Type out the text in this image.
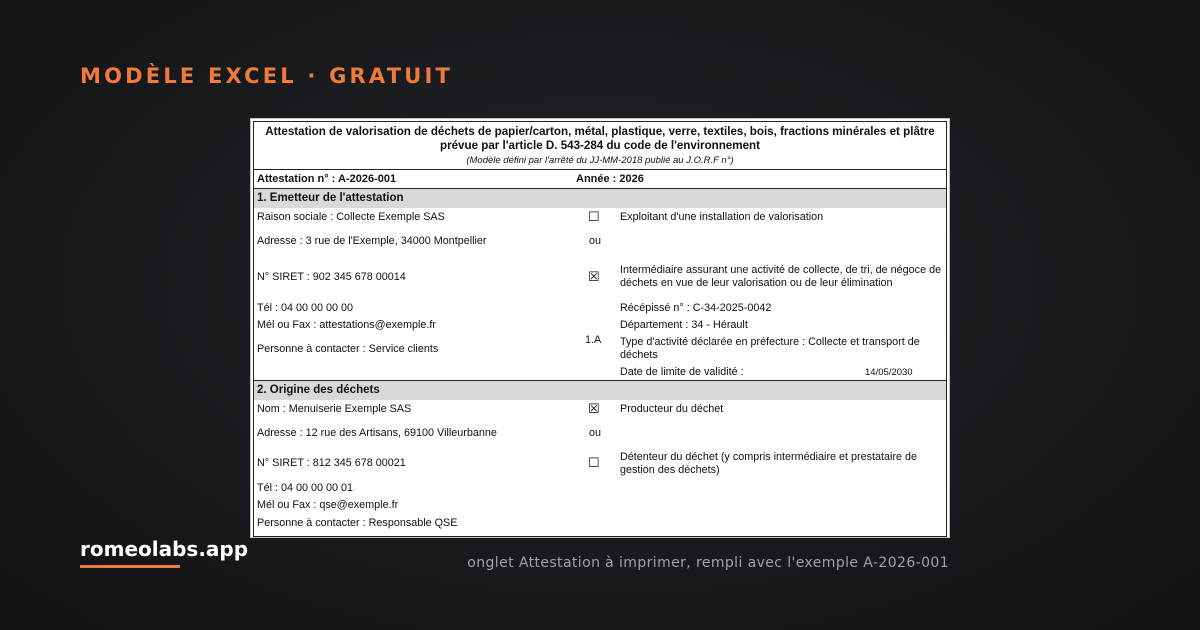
MODÈLE EXCEL · GRATUIT
Attestation de valorisation de déchets de papier/carton, métal, plastique, verre, textiles, bois, fractions minérales et plâtre prévue par l'article D. 543-284 du code de l'environnement
(Modèle défini par l'arrêté du JJ-MM-2018 publié au J.O.R.F n°)
Attestation n° : A-2026-001	Année : 2026
1. Emetteur de l'attestation
Raison sociale : Collecte Exemple SAS
Adresse : 3 rue de l'Exemple, 34000 Montpellier
N° SIRET : 902 345 678 00014
Tél : 04 00 00 00 00
Mél ou Fax : attestations@exemple.fr
Personne à contacter : Service clients
☐
ou
☒
1.A
Exploitant d'une installation de valorisation
Intermédiaire assurant une activité de collecte, de tri, de négoce de déchets en vue de leur valorisation ou de leur élimination
Récépissé n° : C-34-2025-0042
Département : 34 - Hérault
Type d'activité déclarée en préfecture : Collecte et transport de déchets
Date de limite de validité :	14/05/2030
2. Origine des déchets
Nom : Menuiserie Exemple SAS
Adresse : 12 rue des Artisans, 69100 Villeurbanne
N° SIRET : 812 345 678 00021
Tél : 04 00 00 00 01
Mél ou Fax : qse@exemple.fr
Personne à contacter : Responsable QSE
☒
ou
☐
Producteur du déchet
Détenteur du déchet (y compris intermédiaire et prestataire de gestion des déchets)
romeolabs.app
onglet Attestation à imprimer, rempli avec l'exemple A-2026-001
